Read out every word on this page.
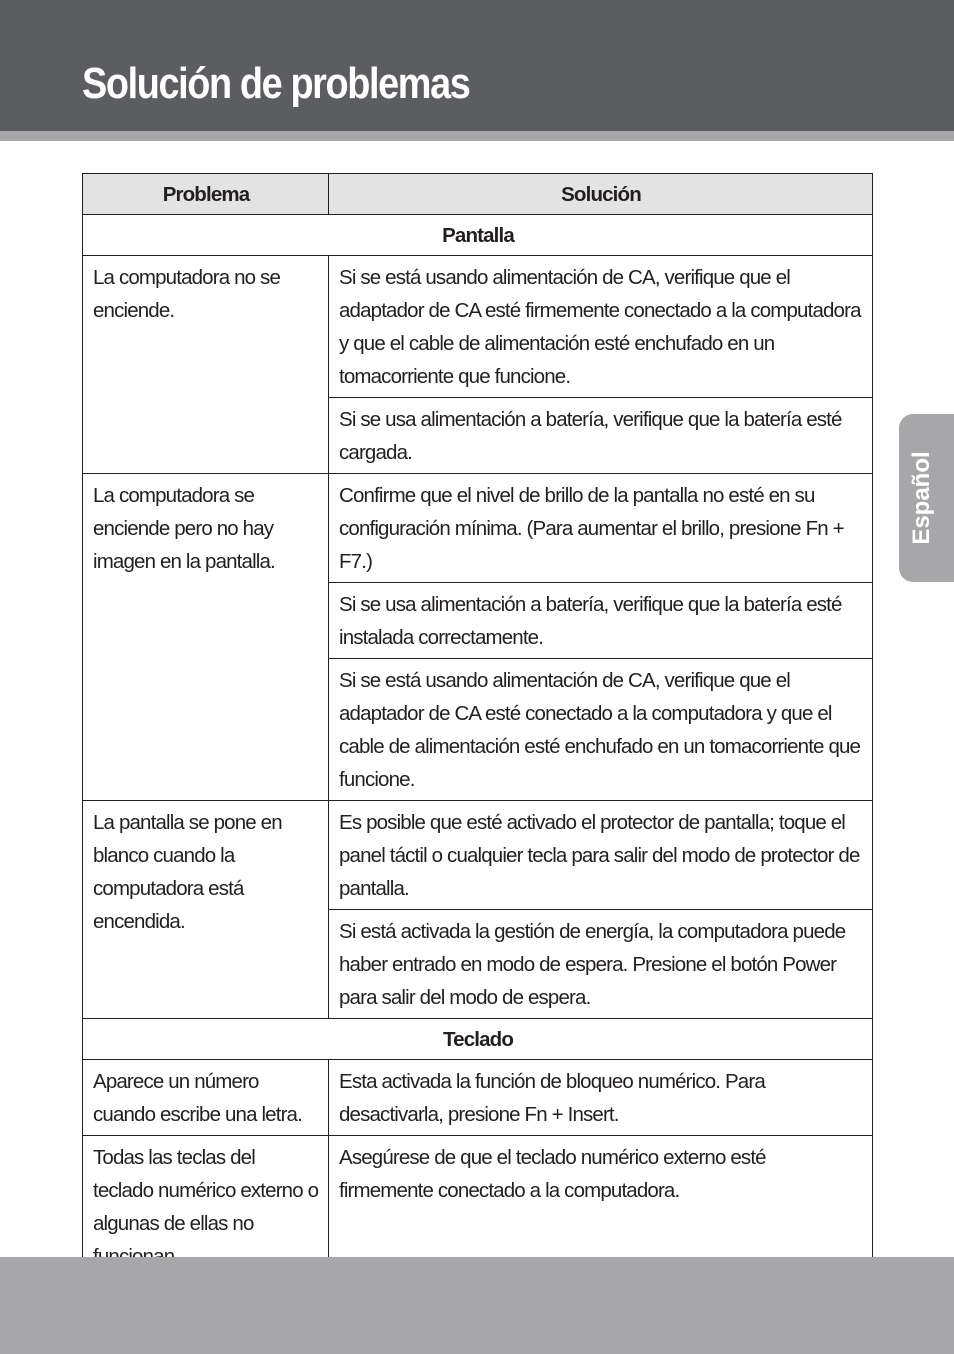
Solución de problemas
Español
Problema	Solución
Pantalla	
La computadora no se enciende.	Si se está usando alimentación de CA, verifique que el adaptador de CA esté firmemente conectado a la computadora y que el cable de alimentación esté enchufado en un tomacorriente que funcione.
	Si se usa alimentación a batería, verifique que la batería esté cargada.
La computadora se enciende pero no hay imagen en la pantalla.	Confirme que el nivel de brillo de la pantalla no esté en su configuración mínima. (Para aumentar el brillo, presione Fn + F7.)
	Si se usa alimentación a batería, verifique que la batería esté instalada correctamente.
	Si se está usando alimentación de CA, verifique que el adaptador de CA esté conectado a la computadora y que el cable de alimentación esté enchufado en un tomacorriente que funcione.
La pantalla se pone en blanco cuando la computadora está encendida.	Es posible que esté activado el protector de pantalla; toque el panel táctil o cualquier tecla para salir del modo de protector de pantalla.
	Si está activada la gestión de energía, la computadora puede haber entrado en modo de espera. Presione el botón Power para salir del modo de espera.
Teclado	
Aparece un número cuando escribe una letra.	Esta activada la función de bloqueo numérico. Para desactivarla, presione Fn + Insert.
Todas las teclas del teclado numérico externo o algunas de ellas no	Asegúrese de que el teclado numérico externo esté firmemente conectado a la computadora.
